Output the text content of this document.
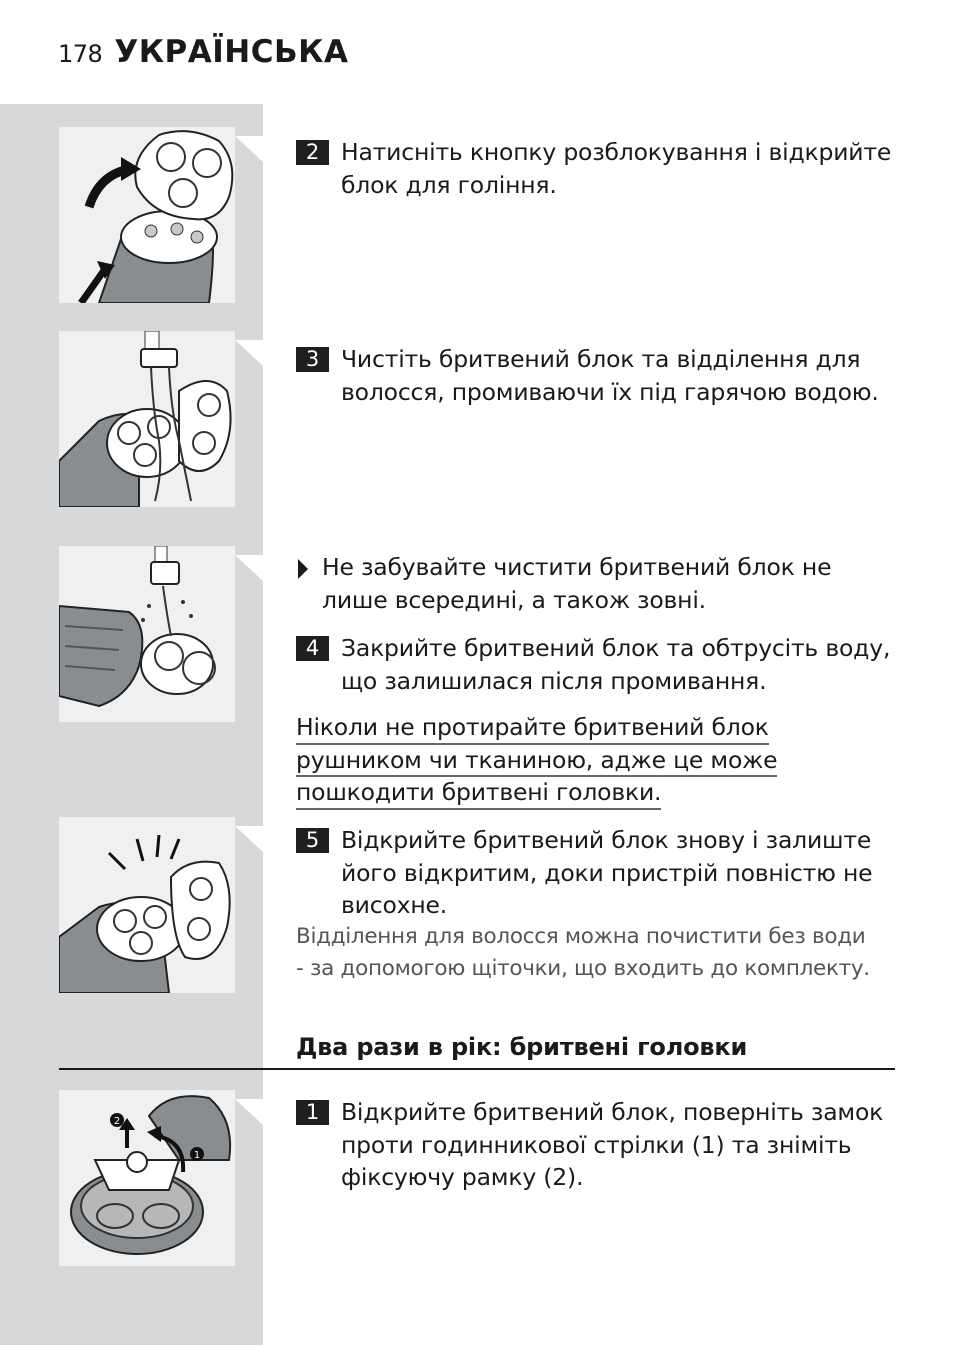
178 УКРАЇНСЬКА
2
1
2 Натисніть кнопку розблокування і відкрийте блок для гоління.
3 Чистіть бритвений блок та відділення для волосся, промиваючи їх під гарячою водою.
Не забувайте чистити бритвений блок не лише всередині, а також зовні.
4 Закрийте бритвений блок та обтрусіть воду, що залишилася після промивання.
Ніколи не протирайте бритвений блок
рушником чи тканиною, адже це може
пошкодити бритвені головки.
5 Відкрийте бритвений блок знову і залиште його відкритим, доки пристрій повністю не висохне.
Відділення для волосся можна почистити без води - за допомогою щіточки, що входить до комплекту.
Два рази в рік: бритвені головки
1 Відкрийте бритвений блок, поверніть замок проти годинникової стрілки (1) та зніміть фіксуючу рамку (2).
